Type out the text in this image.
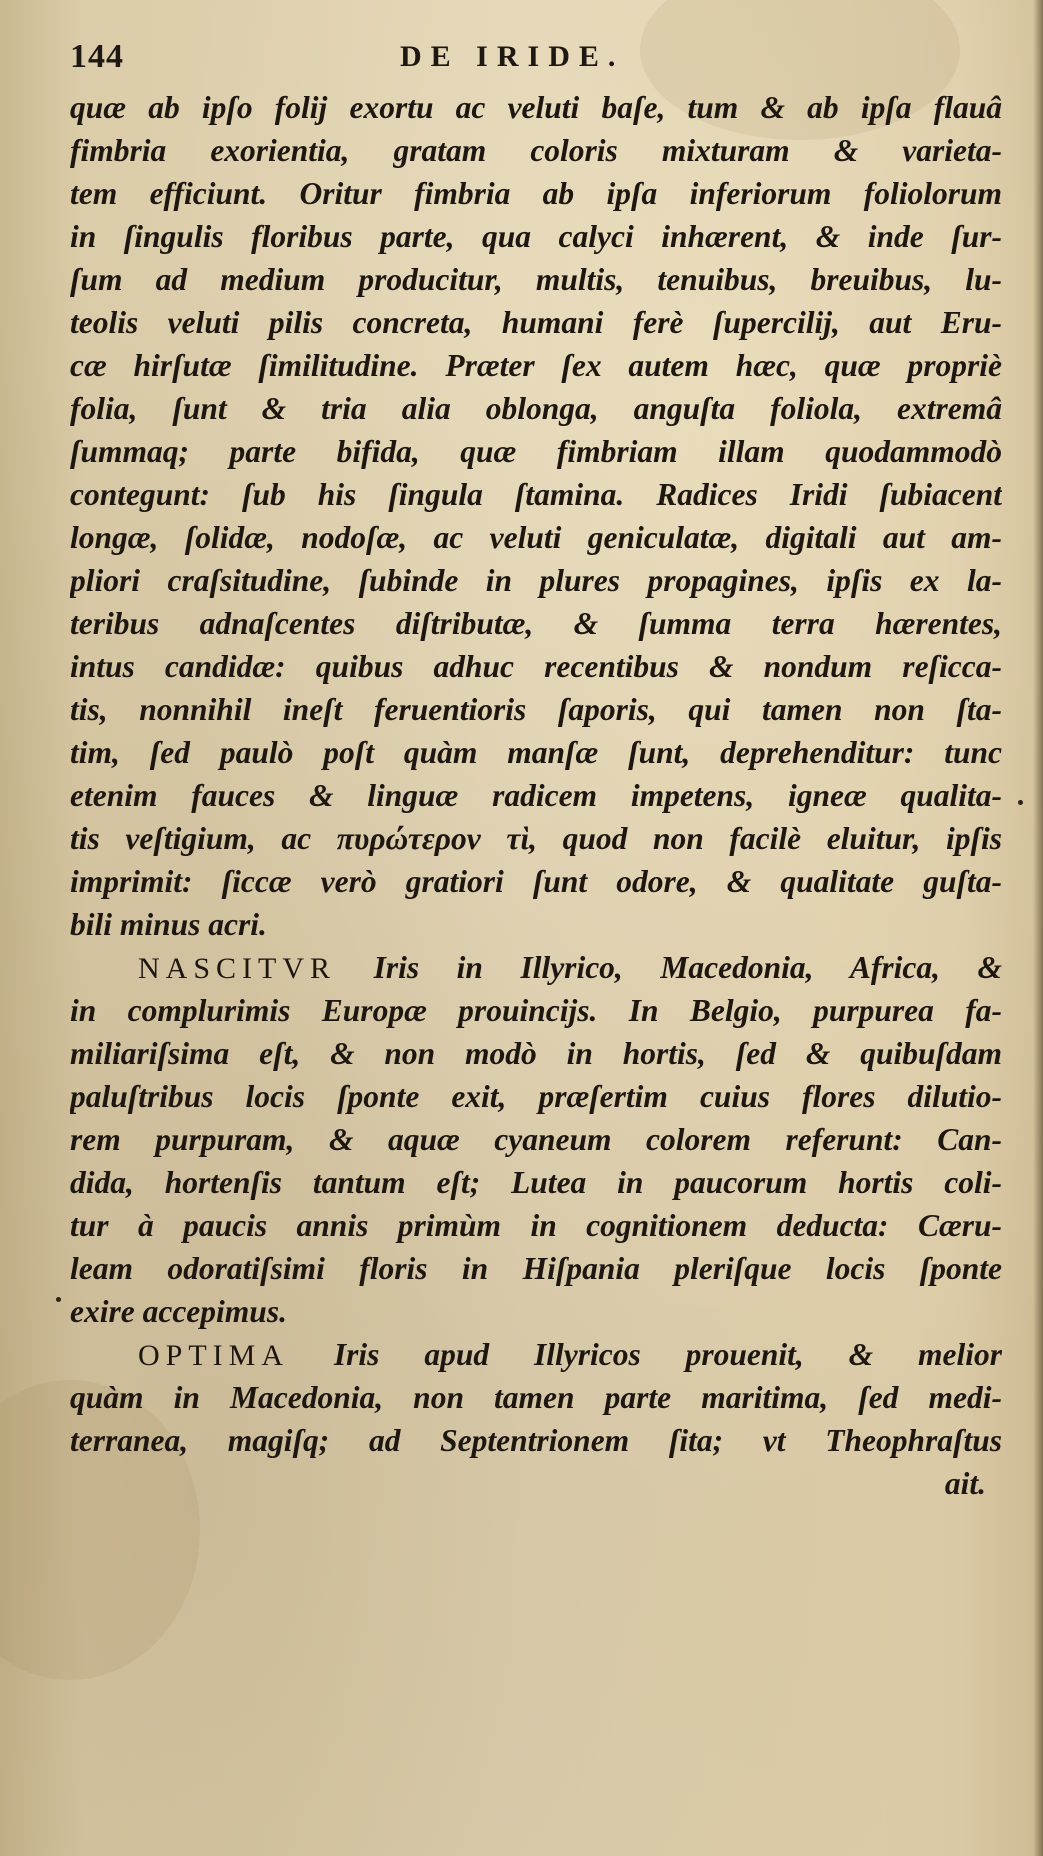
144	DE IRIDE.
quæ ab ipſo folij exortu ac veluti baſe, tum & ab ipſa flauâ
fimbria exorientia, gratam coloris mixturam & varieta-
tem efficiunt. Oritur fimbria ab ipſa inferiorum foliolorum
in ſingulis floribus parte, qua calyci inhærent, & inde ſur-
ſum ad medium producitur, multis, tenuibus, breuibus, lu-
teolis veluti pilis concreta, humani ferè ſupercilij, aut Eru-
cæ hirſutæ ſimilitudine. Præter ſex autem hæc, quæ propriè
folia, ſunt & tria alia oblonga, anguſta foliola, extremâ
ſummaq; parte bifida, quæ fimbriam illam quodammodò
contegunt: ſub his ſingula ſtamina. Radices Iridi ſubiacent
longæ, ſolidæ, nodoſæ, ac veluti geniculatæ, digitali aut am-
pliori craſsitudine, ſubinde in plures propagines, ipſis ex la-
teribus adnaſcentes diſtributæ, & ſumma terra hærentes,
intus candidæ: quibus adhuc recentibus & nondum reſicca-
tis, nonnihil ineſt feruentioris ſaporis, qui tamen non ſta-
tim, ſed paulò poſt quàm manſæ ſunt, deprehenditur: tunc
etenim fauces & linguæ radicem impetens, igneæ qualita-
tis veſtigium, ac πυρώτερον τὶ, quod non facilè eluitur, ipſis
imprimit: ſiccæ verò gratiori ſunt odore, & qualitate guſta-
bili minus acri.
NASCITVR Iris in Illyrico, Macedonia, Africa, &
in complurimis Europæ prouincijs. In Belgio, purpurea fa-
miliariſsima eſt, & non modò in hortis, ſed & quibuſdam
paluſtribus locis ſponte exit, præſertim cuius flores dilutio-
rem purpuram, & aquæ cyaneum colorem referunt: Can-
dida, hortenſis tantum eſt; Lutea in paucorum hortis coli-
tur à paucis annis primùm in cognitionem deducta: Cæru-
leam odoratiſsimi floris in Hiſpania pleriſque locis ſponte
exire accepimus.
OPTIMA Iris apud Illyricos prouenit, & melior
quàm in Macedonia, non tamen parte maritima, ſed medi-
terranea, magiſq; ad Septentrionem ſita; vt Theophraſtus
ait.
